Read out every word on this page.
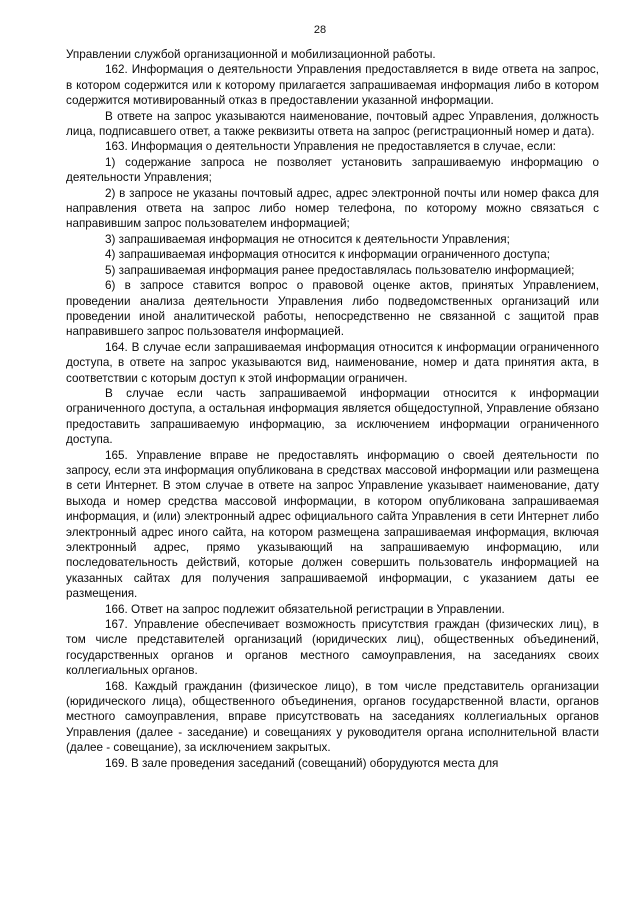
28

Управлении службой организационной и мобилизационной работы.

162. Информация о деятельности Управления предоставляется в виде ответа на запрос, в котором содержится или к которому прилагается запрашиваемая информация либо в котором содержится мотивированный отказ в предоставлении указанной информации.

В ответе на запрос указываются наименование, почтовый адрес Управления, должность лица, подписавшего ответ, а также реквизиты ответа на запрос (регистрационный номер и дата).

163. Информация о деятельности Управления не предоставляется в случае, если:

1) содержание запроса не позволяет установить запрашиваемую информацию о деятельности Управления;

2) в запросе не указаны почтовый адрес, адрес электронной почты или номер факса для направления ответа на запрос либо номер телефона, по которому можно связаться с направившим запрос пользователем информацией;

3) запрашиваемая информация не относится к деятельности Управления;

4) запрашиваемая информация относится к информации ограниченного доступа;

5) запрашиваемая информация ранее предоставлялась пользователю информацией;

6) в запросе ставится вопрос о правовой оценке актов, принятых Управлением, проведении анализа деятельности Управления либо подведомственных организаций или проведении иной аналитической работы, непосредственно не связанной с защитой прав направившего запрос пользователя информацией.

164. В случае если запрашиваемая информация относится к информации ограниченного доступа, в ответе на запрос указываются вид, наименование, номер и дата принятия акта, в соответствии с которым доступ к этой информации ограничен.

В случае если часть запрашиваемой информации относится к информации ограниченного доступа, а остальная информация является общедоступной, Управление обязано предоставить запрашиваемую информацию, за исключением информации ограниченного доступа.

165. Управление вправе не предоставлять информацию о своей деятельности по запросу, если эта информация опубликована в средствах массовой информации или размещена в сети Интернет. В этом случае в ответе на запрос Управление указывает наименование, дату выхода и номер средства массовой информации, в котором опубликована запрашиваемая информация, и (или) электронный адрес официального сайта Управления в сети Интернет либо электронный адрес иного сайта, на котором размещена запрашиваемая информация, включая электронный адрес, прямо указывающий на запрашиваемую информацию, или последовательность действий, которые должен совершить пользователь информацией на указанных сайтах для получения запрашиваемой информации, с указанием даты ее размещения.

166. Ответ на запрос подлежит обязательной регистрации в Управлении.

167. Управление обеспечивает возможность присутствия граждан (физических лиц), в том числе представителей организаций (юридических лиц), общественных объединений, государственных органов и органов местного самоуправления, на заседаниях своих коллегиальных органов.

168. Каждый гражданин (физическое лицо), в том числе представитель организации (юридического лица), общественного объединения, органов государственной власти, органов местного самоуправления, вправе присутствовать на заседаниях коллегиальных органов Управления (далее - заседание) и совещаниях у руководителя органа исполнительной власти (далее - совещание), за исключением закрытых.

169. В зале проведения заседаний (совещаний) оборудуются места для
